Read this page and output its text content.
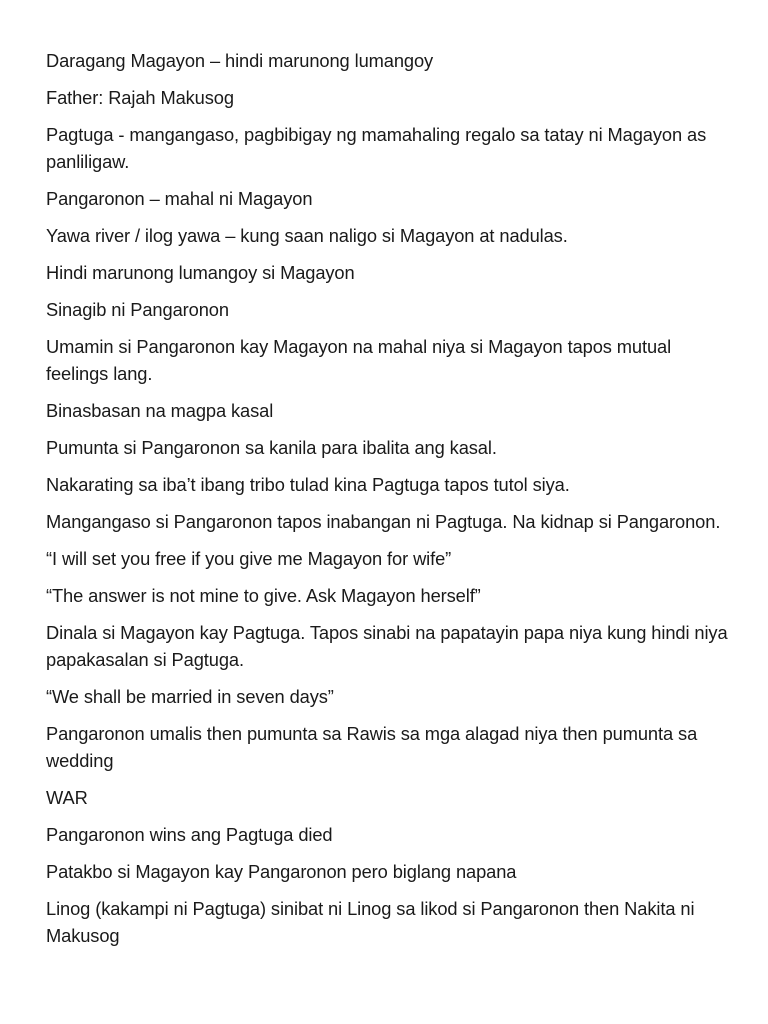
Daragang Magayon – hindi marunong lumangoy

Father: Rajah Makusog

Pagtuga - mangangaso, pagbibigay ng mamahaling regalo sa tatay ni Magayon as panliligaw.

Pangaronon – mahal ni Magayon

Yawa river / ilog yawa – kung saan naligo si Magayon at nadulas.

Hindi marunong lumangoy si Magayon

Sinagib ni Pangaronon

Umamin si Pangaronon kay Magayon na mahal niya si Magayon tapos mutual feelings lang.

Binasbasan na magpa kasal

Pumunta si Pangaronon sa kanila para ibalita ang kasal.

Nakarating sa iba’t ibang tribo tulad kina Pagtuga tapos tutol siya.

Mangangaso si Pangaronon tapos inabangan ni Pagtuga. Na kidnap si Pangaronon.

“I will set you free if you give me Magayon for wife”

“The answer is not mine to give. Ask Magayon herself”

Dinala si Magayon kay Pagtuga. Tapos sinabi na papatayin papa niya kung hindi niya papakasalan si Pagtuga.

“We shall be married in seven days”

Pangaronon umalis then pumunta sa Rawis sa mga alagad niya then pumunta sa wedding

WAR

Pangaronon wins ang Pagtuga died

Patakbo si Magayon kay Pangaronon pero biglang napana

Linog (kakampi ni Pagtuga) sinibat ni Linog sa likod si Pangaronon then Nakita ni Makusog
